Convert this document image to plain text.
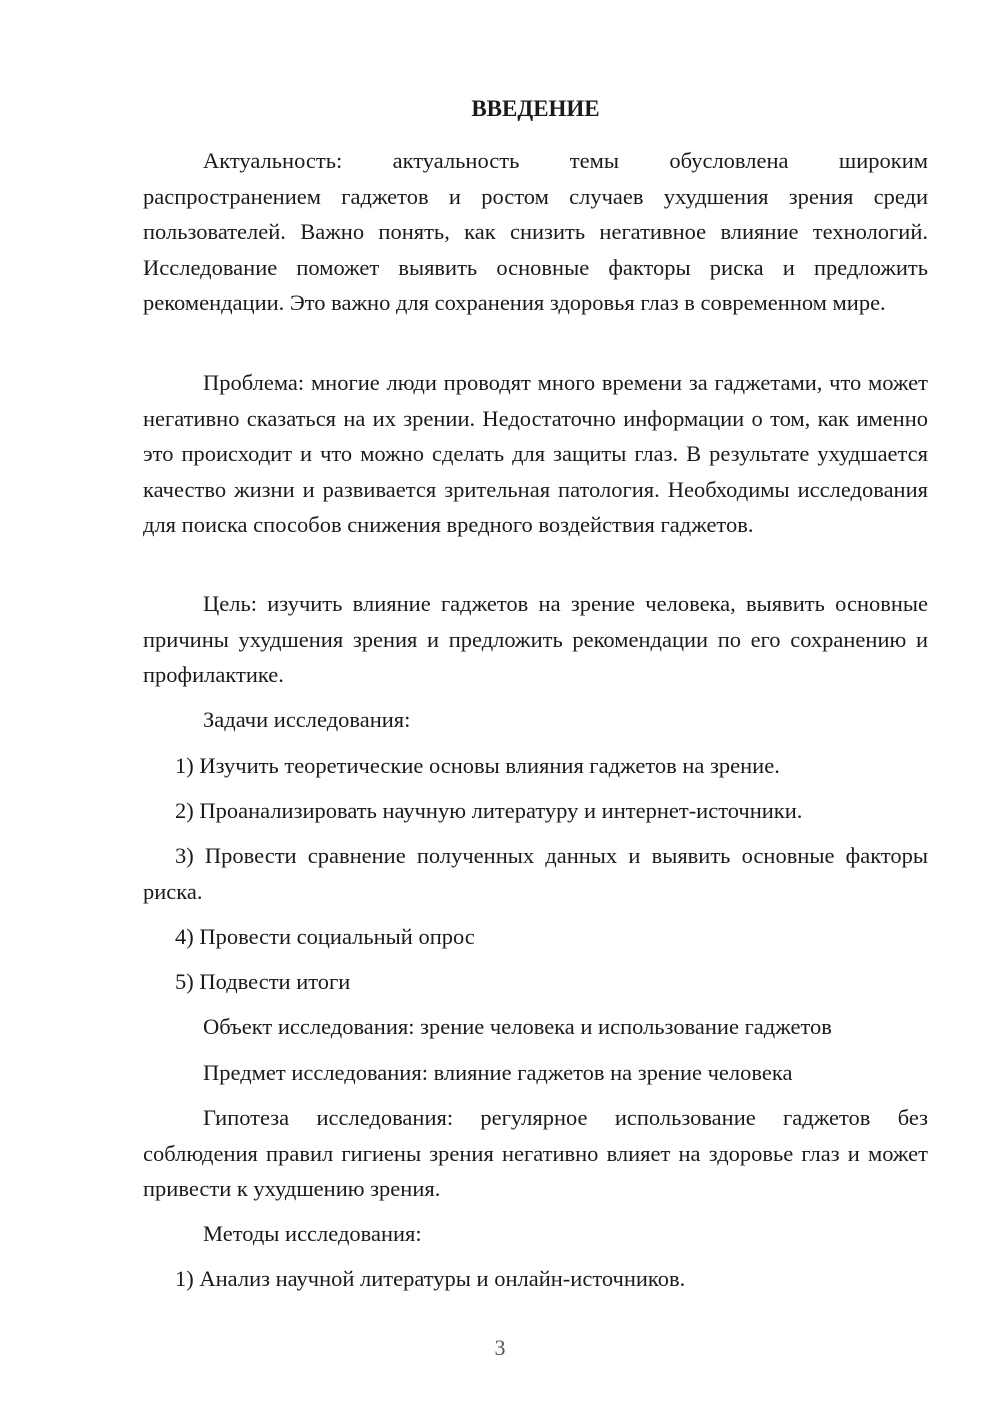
ВВЕДЕНИЕ

Актуальность: актуальность темы обусловлена широким распространением гаджетов и ростом случаев ухудшения зрения среди пользователей. Важно понять, как снизить негативное влияние технологий. Исследование поможет выявить основные факторы риска и предложить рекомендации. Это важно для сохранения здоровья глаз в современном мире.

Проблема: многие люди проводят много времени за гаджетами, что может негативно сказаться на их зрении. Недостаточно информации о том, как именно это происходит и что можно сделать для защиты глаз. В результате ухудшается качество жизни и развивается зрительная патология. Необходимы исследования для поиска способов снижения вредного воздействия гаджетов.

Цель: изучить влияние гаджетов на зрение человека, выявить основные причины ухудшения зрения и предложить рекомендации по его сохранению и профилактике.

Задачи исследования:

1) Изучить теоретические основы влияния гаджетов на зрение.

2) Проанализировать научную литературу и интернет-источники.

3) Провести сравнение полученных данных и выявить основные факторы риска.

4) Провести социальный опрос

5) Подвести итоги

Объект исследования: зрение человека и использование гаджетов

Предмет исследования: влияние гаджетов на зрение человека

Гипотеза исследования: регулярное использование гаджетов без соблюдения правил гигиены зрения негативно влияет на здоровье глаз и может привести к ухудшению зрения.

Методы исследования:

1) Анализ научной литературы и онлайн-источников.

3
